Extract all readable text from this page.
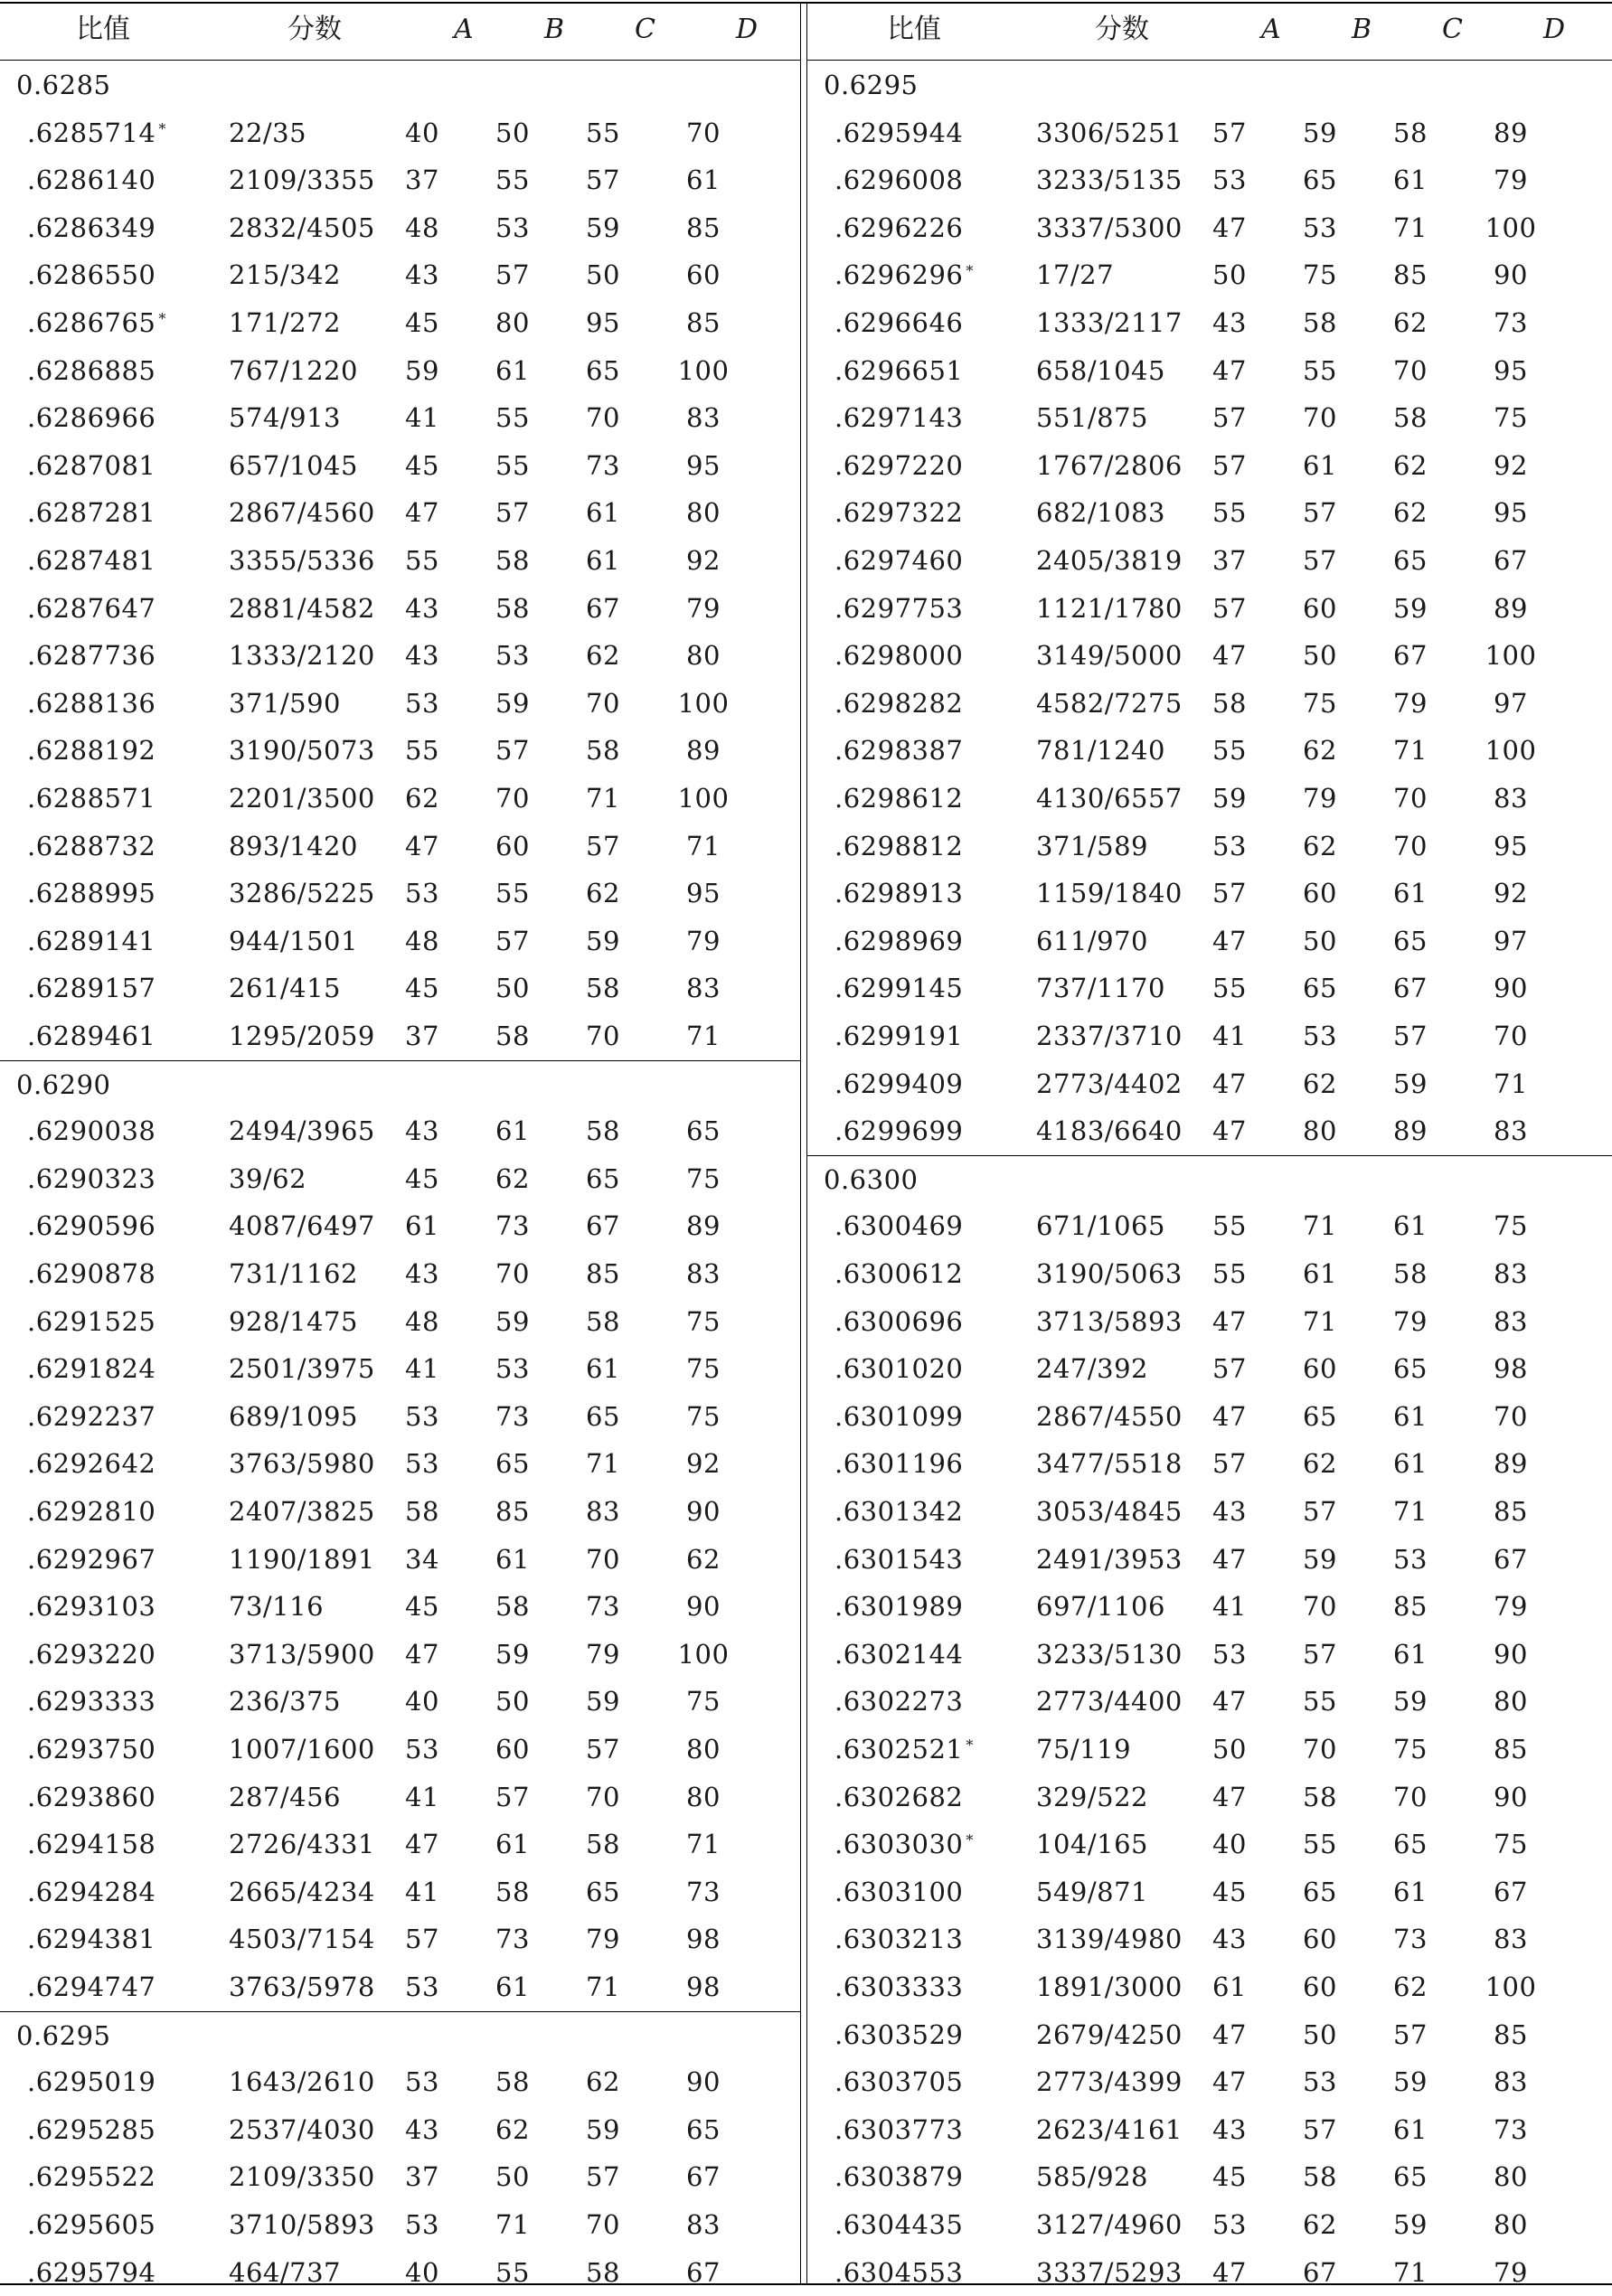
比值	分数	A	B	C	D
0.6285
.6285714 * 22/35	40	50	55	70
.6286140	2109/3355	37	55	57	61
.6286349	2832/4505	48	53	59	85
.6286550	215/342	43	57	50	60
.6286765 * 171/272	45	80	95	85
.6286885	767/1220	59	61	65	100
.6286966	574/913	41	55	70	83
.6287081	657/1045	45	55	73	95
.6287281	2867/4560	47	57	61	80
.6287481	3355/5336	55	58	61	92
.6287647	2881/4582	43	58	67	79
.6287736	1333/2120	43	53	62	80
.6288136	371/590	53	59	70	100
.6288192	3190/5073	55	57	58	89
.6288571	2201/3500	62	70	71	100
.6288732	893/1420	47	60	57	71
.6288995	3286/5225	53	55	62	95
.6289141	944/1501	48	57	59	79
.6289157	261/415	45	50	58	83
.6289461	1295/2059	37	58	70	71
0.6290
.6290038	2494/3965	43	61	58	65
.6290323	39/62	45	62	65	75
.6290596	4087/6497	61	73	67	89
.6290878	731/1162	43	70	85	83
.6291525	928/1475	48	59	58	75
.6291824	2501/3975	41	53	61	75
.6292237	689/1095	53	73	65	75
.6292642	3763/5980	53	65	71	92
.6292810	2407/3825	58	85	83	90
.6292967	1190/1891	34	61	70	62
.6293103	73/116	45	58	73	90
.6293220	3713/5900	47	59	79	100
.6293333	236/375	40	50	59	75
.6293750	1007/1600	53	60	57	80
.6293860	287/456	41	57	70	80
.6294158	2726/4331	47	61	58	71
.6294284	2665/4234	41	58	65	73
.6294381	4503/7154	57	73	79	98
.6294747	3763/5978	53	61	71	98
0.6295
.6295019	1643/2610	53	58	62	90
.6295285	2537/4030	43	62	59	65
.6295522	2109/3350	37	50	57	67
.6295605	3710/5893	53	71	70	83
.6295794	464/737	40	55	58	67
比值	分数	A	B	C	D
0.6295
.6295944	3306/5251	57	59	58	89
.6296008	3233/5135	53	65	61	79
.6296226	3337/5300	47	53	71	100
.6296296 * 17/27	50	75	85	90
.6296646	1333/2117	43	58	62	73
.6296651	658/1045	47	55	70	95
.6297143	551/875	57	70	58	75
.6297220	1767/2806	57	61	62	92
.6297322	682/1083	55	57	62	95
.6297460	2405/3819	37	57	65	67
.6297753	1121/1780	57	60	59	89
.6298000	3149/5000	47	50	67	100
.6298282	4582/7275	58	75	79	97
.6298387	781/1240	55	62	71	100
.6298612	4130/6557	59	79	70	83
.6298812	371/589	53	62	70	95
.6298913	1159/1840	57	60	61	92
.6298969	611/970	47	50	65	97
.6299145	737/1170	55	65	67	90
.6299191	2337/3710	41	53	57	70
.6299409	2773/4402	47	62	59	71
.6299699	4183/6640	47	80	89	83
0.6300
.6300469	671/1065	55	71	61	75
.6300612	3190/5063	55	61	58	83
.6300696	3713/5893	47	71	79	83
.6301020	247/392	57	60	65	98
.6301099	2867/4550	47	65	61	70
.6301196	3477/5518	57	62	61	89
.6301342	3053/4845	43	57	71	85
.6301543	2491/3953	47	59	53	67
.6301989	697/1106	41	70	85	79
.6302144	3233/5130	53	57	61	90
.6302273	2773/4400	47	55	59	80
.6302521 * 75/119	50	70	75	85
.6302682	329/522	47	58	70	90
.6303030 * 104/165	40	55	65	75
.6303100	549/871	45	65	61	67
.6303213	3139/4980	43	60	73	83
.6303333	1891/3000	61	60	62	100
.6303529	2679/4250	47	50	57	85
.6303705	2773/4399	47	53	59	83
.6303773	2623/4161	43	57	61	73
.6303879	585/928	45	58	65	80
.6304435	3127/4960	53	62	59	80
.6304553	3337/5293	47	67	71	79
